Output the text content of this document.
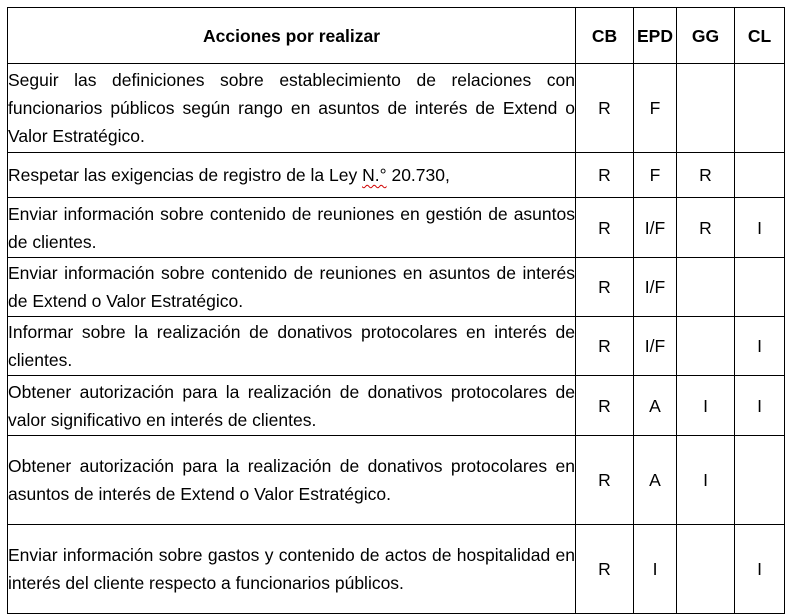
Acciones por realizar	CB	EPD	GG	CL
Seguir las definiciones sobre establecimiento de relaciones con funcionarios públicos según rango en asuntos de interés de Extend o Valor Estratégico.	R	F		
Respetar las exigencias de registro de la Ley N.° 20.730,	R	F	R	
Enviar información sobre contenido de reuniones en gestión de asuntos de clientes.	R	I/F	R	I
Enviar información sobre contenido de reuniones en asuntos de interés de Extend o Valor Estratégico.	R	I/F		
Informar sobre la realización de donativos protocolares en interés de clientes.	R	I/F		I
Obtener autorización para la realización de donativos protocolares de valor significativo en interés de clientes.	R	A	I	I
Obtener autorización para la realización de donativos protocolares en asuntos de interés de Extend o Valor Estratégico.	R	A	I	
Enviar información sobre gastos y contenido de actos de hospitalidad en interés del cliente respecto a funcionarios públicos.	R	I		I
